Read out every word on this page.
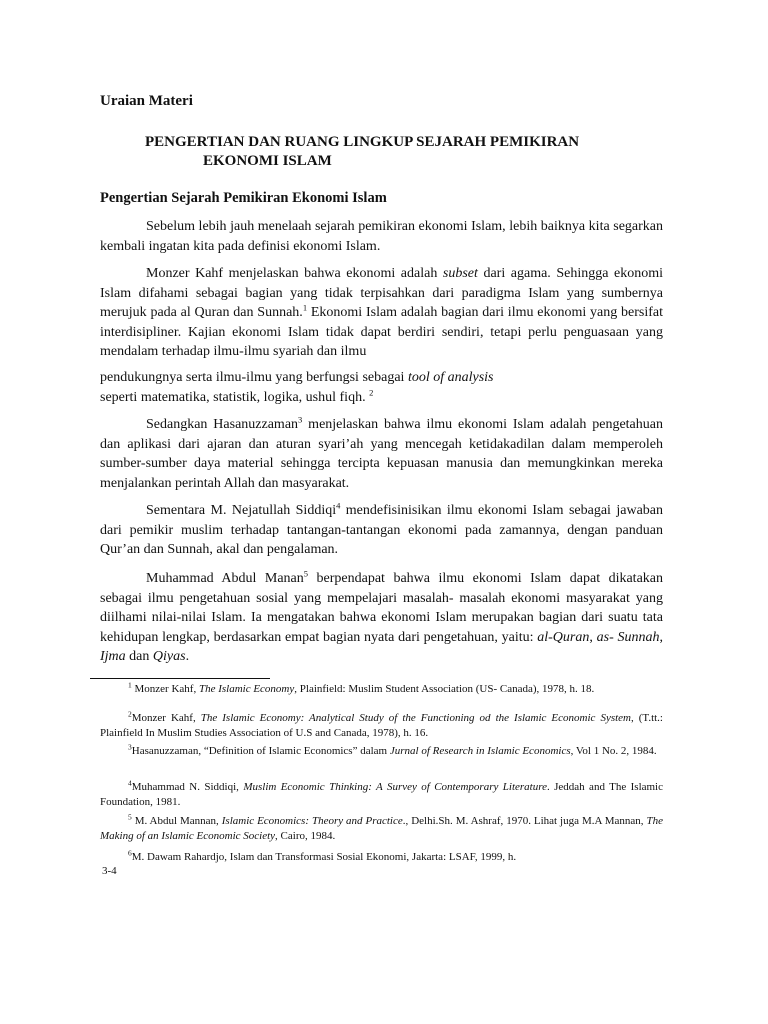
Uraian Materi
PENGERTIAN DAN RUANG LINGKUP SEJARAH PEMIKIRAN
EKONOMI ISLAM
Pengertian Sejarah Pemikiran Ekonomi Islam
Sebelum lebih jauh menelaah sejarah pemikiran ekonomi Islam, lebih baiknya kita segarkan kembali ingatan kita pada definisi ekonomi Islam.
Monzer Kahf menjelaskan bahwa ekonomi adalah subset dari agama. Sehingga ekonomi Islam difahami sebagai bagian yang tidak terpisahkan dari paradigma Islam yang sumbernya merujuk pada al Quran dan Sunnah.$^1$ Ekonomi Islam adalah bagian dari ilmu ekonomi yang bersifat interdisipliner. Kajian ekonomi Islam tidak dapat berdiri sendiri, tetapi perlu penguasaan yang mendalam terhadap ilmu-ilmu syariah dan ilmu
pendukungnya serta ilmu-ilmu yang berfungsi sebagai tool of analysis
seperti matematika, statistik, logika, ushul fiqh. $^2$
Sedangkan Hasanuzzaman$^3$ menjelaskan bahwa ilmu ekonomi Islam adalah pengetahuan dan aplikasi dari ajaran dan aturan syari’ah yang mencegah ketidakadilan dalam memperoleh sumber-sumber daya material sehingga tercipta kepuasan manusia dan memungkinkan mereka menjalankan perintah Allah dan masyarakat.
Sementara M. Nejatullah Siddiqi$^4$ mendefisinisikan ilmu ekonomi Islam sebagai jawaban dari pemikir muslim terhadap tantangan-tantangan ekonomi pada zamannya, dengan panduan Qur’an dan Sunnah, akal dan pengalaman.
Muhammad Abdul Manan$^5$ berpendapat bahwa ilmu ekonomi Islam dapat dikatakan sebagai ilmu pengetahuan sosial yang mempelajari masalah- masalah ekonomi masyarakat yang diilhami nilai-nilai Islam. Ia mengatakan bahwa ekonomi Islam merupakan bagian dari suatu tata kehidupan lengkap, berdasarkan empat bagian nyata dari pengetahuan, yaitu: al-Quran, as- Sunnah, Ijma dan Qiyas.
$^1$ Monzer Kahf, The Islamic Economy, Plainfield: Muslim Student Association (US- Canada), 1978, h. 18.
$^2$Monzer Kahf, The Islamic Economy: Analytical Study of the Functioning od the Islamic Economic System, (T.tt.: Plainfield In Muslim Studies Association of U.S and Canada, 1978), h. 16.
$^3$Hasanuzzaman, “Definition of Islamic Economics” dalam Jurnal of Research in Islamic Economics, Vol 1 No. 2, 1984.
$^4$Muhammad N. Siddiqi, Muslim Economic Thinking: A Survey of Contemporary Literature. Jeddah and The Islamic Foundation, 1981.
$^5$ M. Abdul Mannan, Islamic Economics: Theory and Practice., Delhi.Sh. M. Ashraf, 1970. Lihat juga M.A Mannan, The Making of an Islamic Economic Society, Cairo, 1984.
$^6$M. Dawam Rahardjo, Islam dan Transformasi Sosial Ekonomi, Jakarta: LSAF, 1999, h.
3-4
